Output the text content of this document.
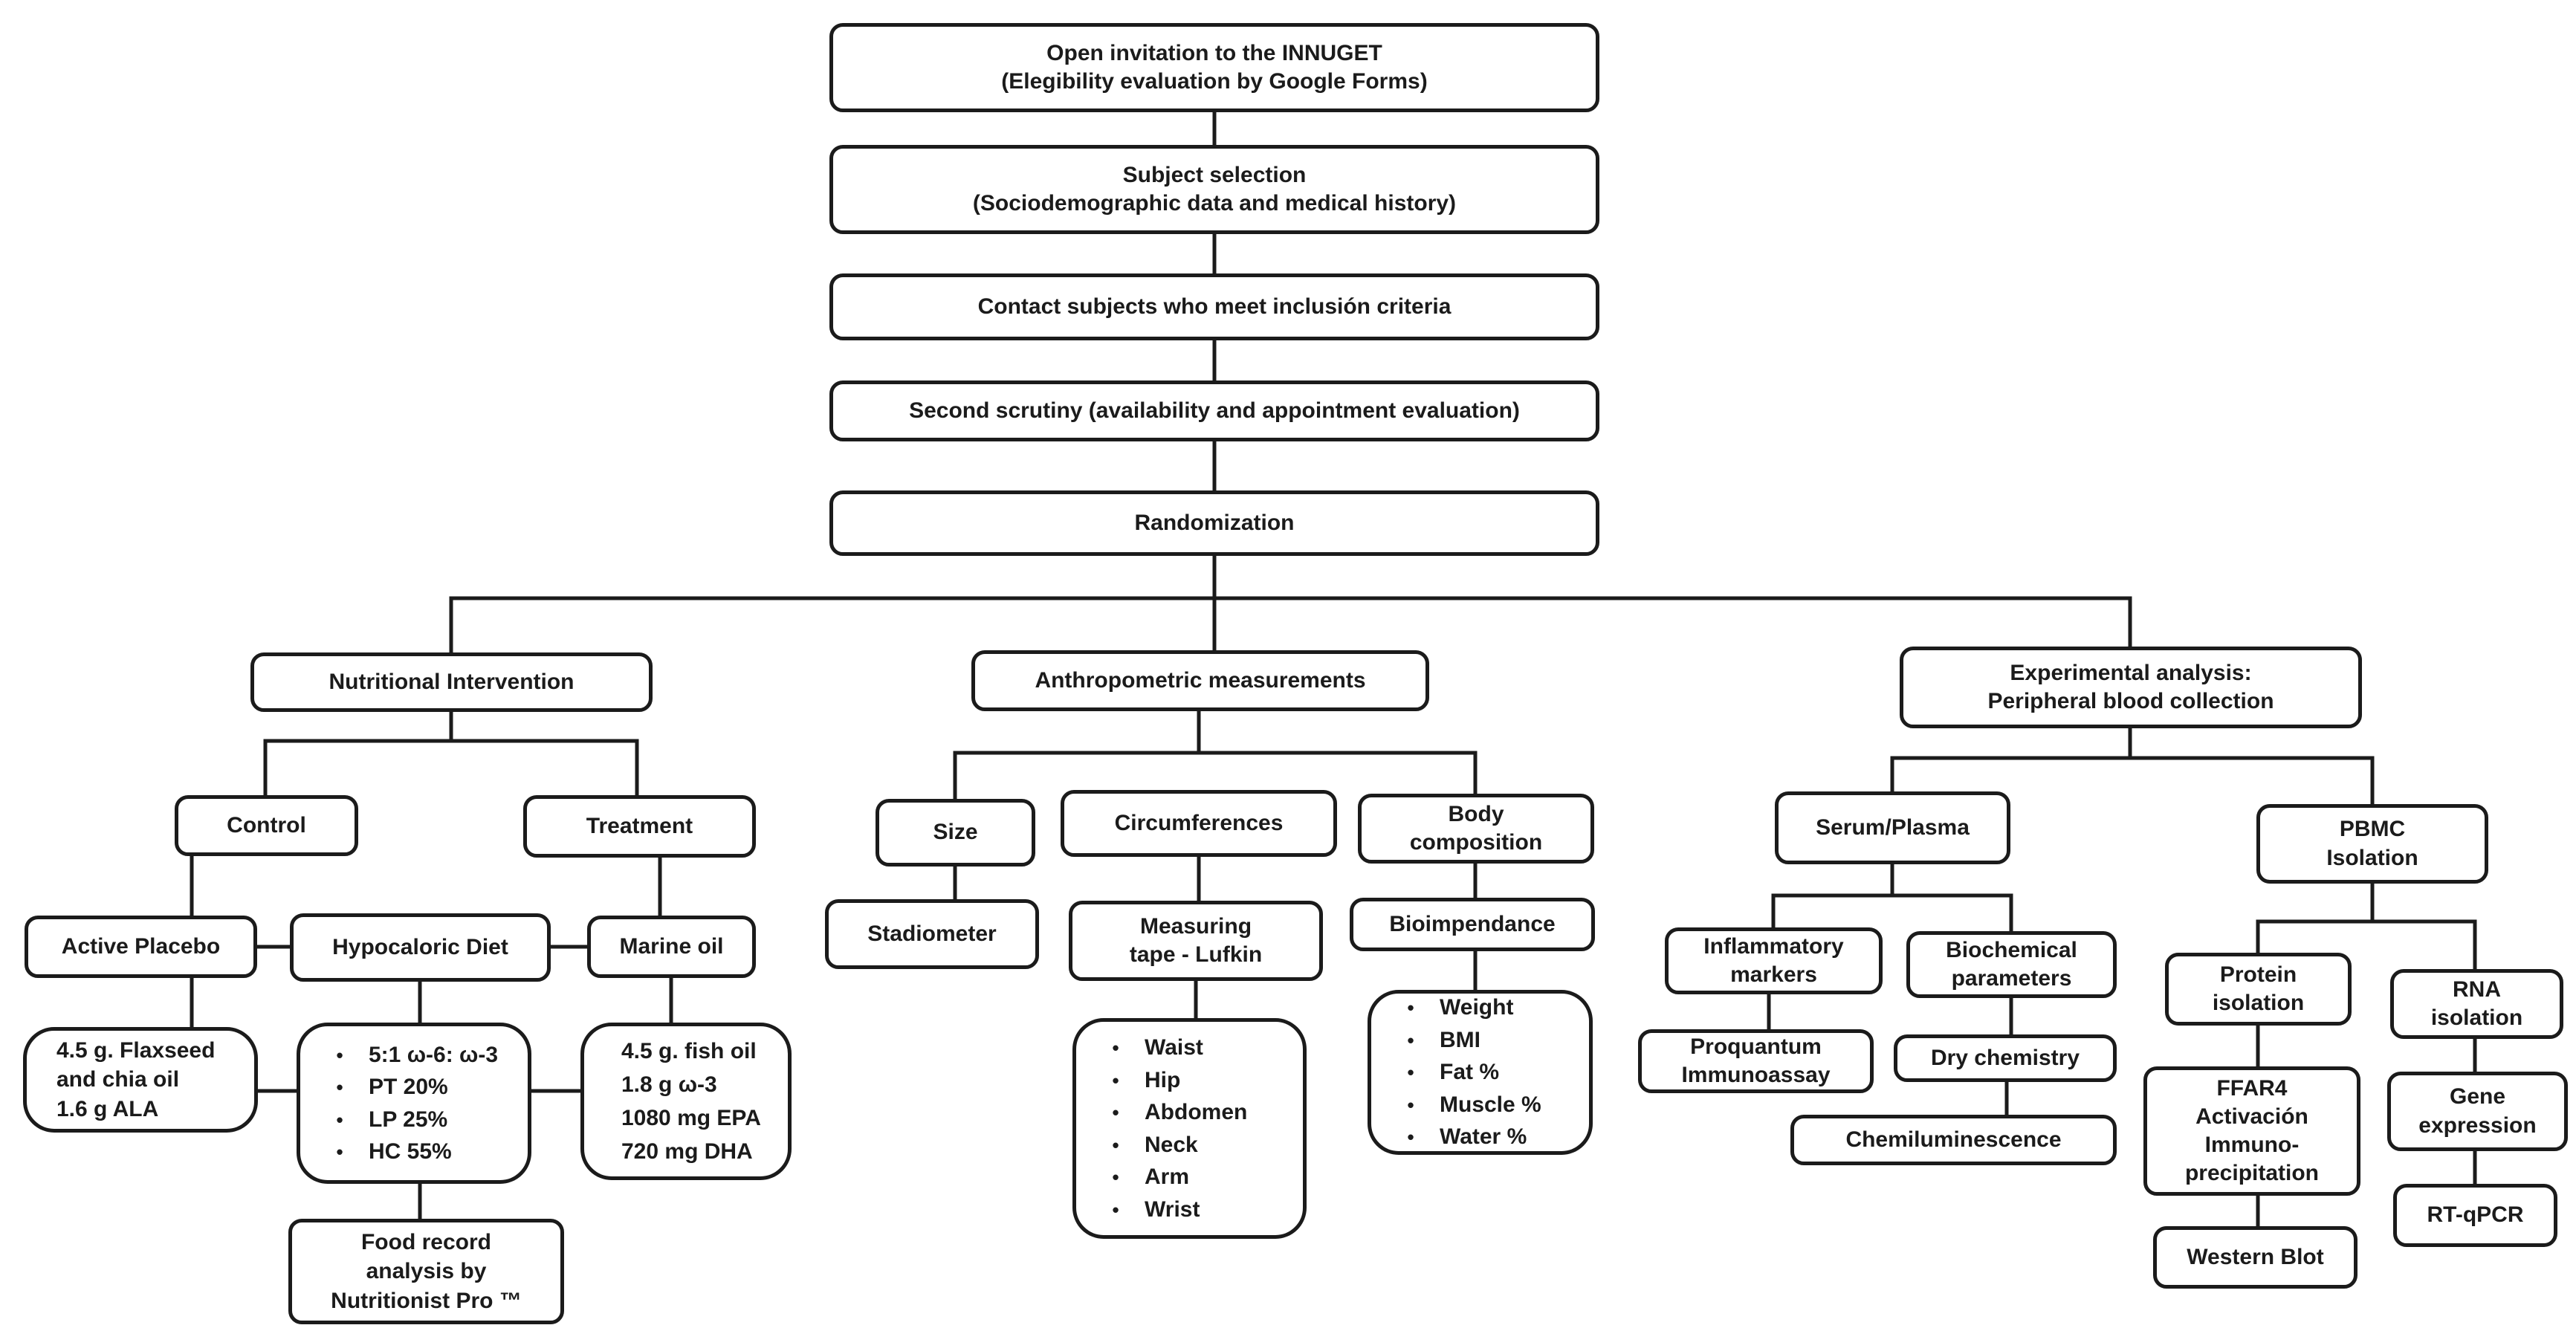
Open invitation to the INNUGET
(Elegibility evaluation by Google Forms)
Subject selection
(Sociodemographic data and medical history)
Contact subjects who meet inclusión criteria
Second scrutiny (availability and appointment evaluation)
Randomization
Nutritional Intervention
Control	Treatment
Active Placebo	Hypocaloric Diet	Marine oil
4.5 g. Flaxseed
and chia oil
1.6 g ALA
•	5:1 ω-6: ω-3
•	PT 20%
•	LP 25%
•	HC 55%
4.5 g. fish oil
1.8 g ω-3
1080 mg EPA
720 mg DHA
Food record
analysis by
Nutritionist Pro ™
Anthropometric measurements
Size	Circumferences	Body
composition
Stadiometer	Measuring
tape - Lufkin
Bioimpendance
•	Waist
•	Hip
•	Abdomen
•	Neck
•	Arm
•	Wrist
•	Weight
•	BMI
•	Fat %
•	Muscle %
•	Water %
Experimental analysis:
Peripheral blood collection
Serum/Plasma	PBMC
Isolation
Inflammatory
markers
Biochemical
parameters
Proquantum
Immunoassay
Dry chemistry
Chemiluminescence
Protein
isolation
RNA
isolation
FFAR4
Activación
Immuno-
precipitation
Western Blot
Gene
expression
RT-qPCR
